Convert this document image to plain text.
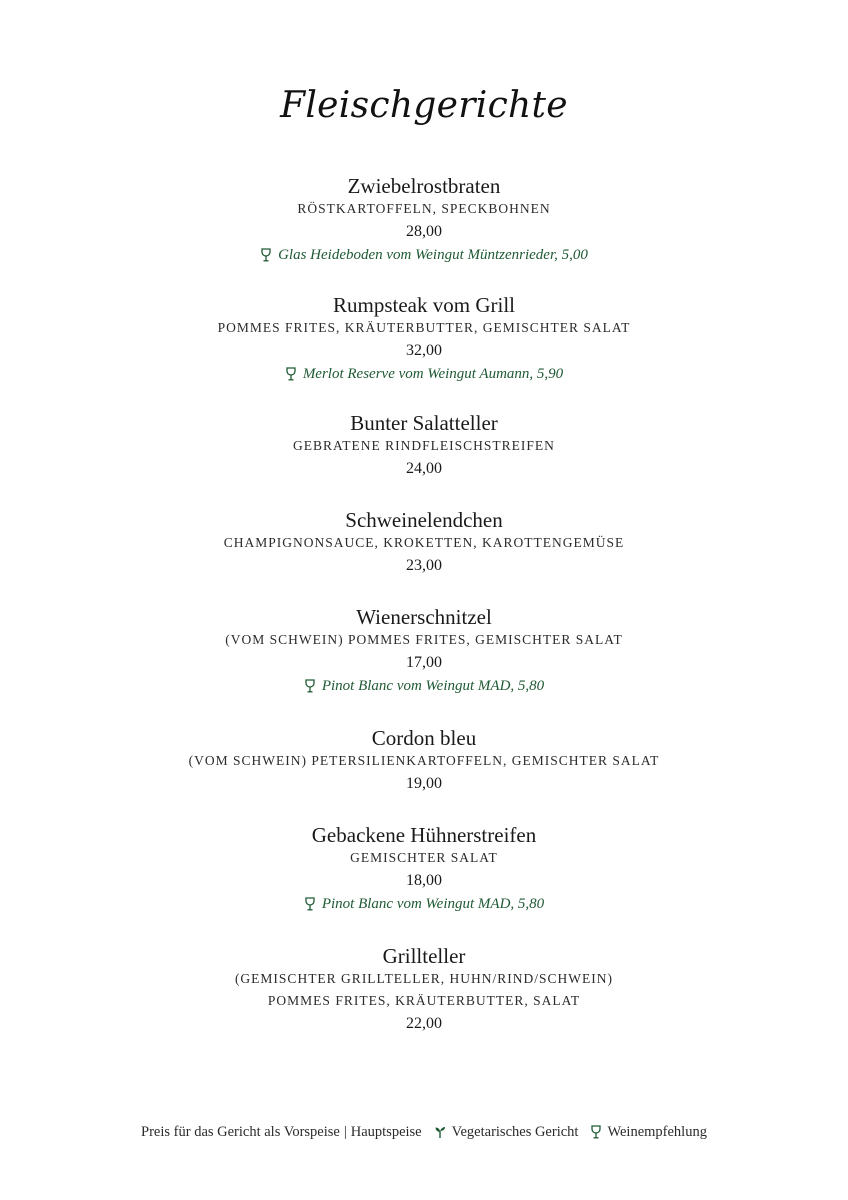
Fleischgerichte
Zwiebelrostbraten
RÖSTKARTOFFELN, SPECKBOHNEN
28,00
Glas Heideboden vom Weingut Müntzenrieder, 5,00
Rumpsteak vom Grill
POMMES FRITES, KRÄUTERBUTTER, GEMISCHTER SALAT
32,00
Merlot Reserve vom Weingut Aumann, 5,90
Bunter Salatteller
GEBRATENE RINDFLEISCHSTREIFEN
24,00
Schweinelendchen
CHAMPIGNONSAUCE, KROKETTEN, KAROTTENGEMÜSE
23,00
Wienerschnitzel
(VOM SCHWEIN) POMMES FRITES, GEMISCHTER SALAT
17,00
Pinot Blanc vom Weingut MAD, 5,80
Cordon bleu
(VOM SCHWEIN) PETERSILIENKARTOFFELN, GEMISCHTER SALAT
19,00
Gebackene Hühnerstreifen
GEMISCHTER SALAT
18,00
Pinot Blanc vom Weingut MAD, 5,80
Grillteller
(GEMISCHTER GRILLTELLER, HUHN/RIND/SCHWEIN)
POMMES FRITES, KRÄUTERBUTTER, SALAT
22,00
Preis für das Gericht als Vorspeise | Hauptspeise Vegetarisches Gericht Weinempfehlung
